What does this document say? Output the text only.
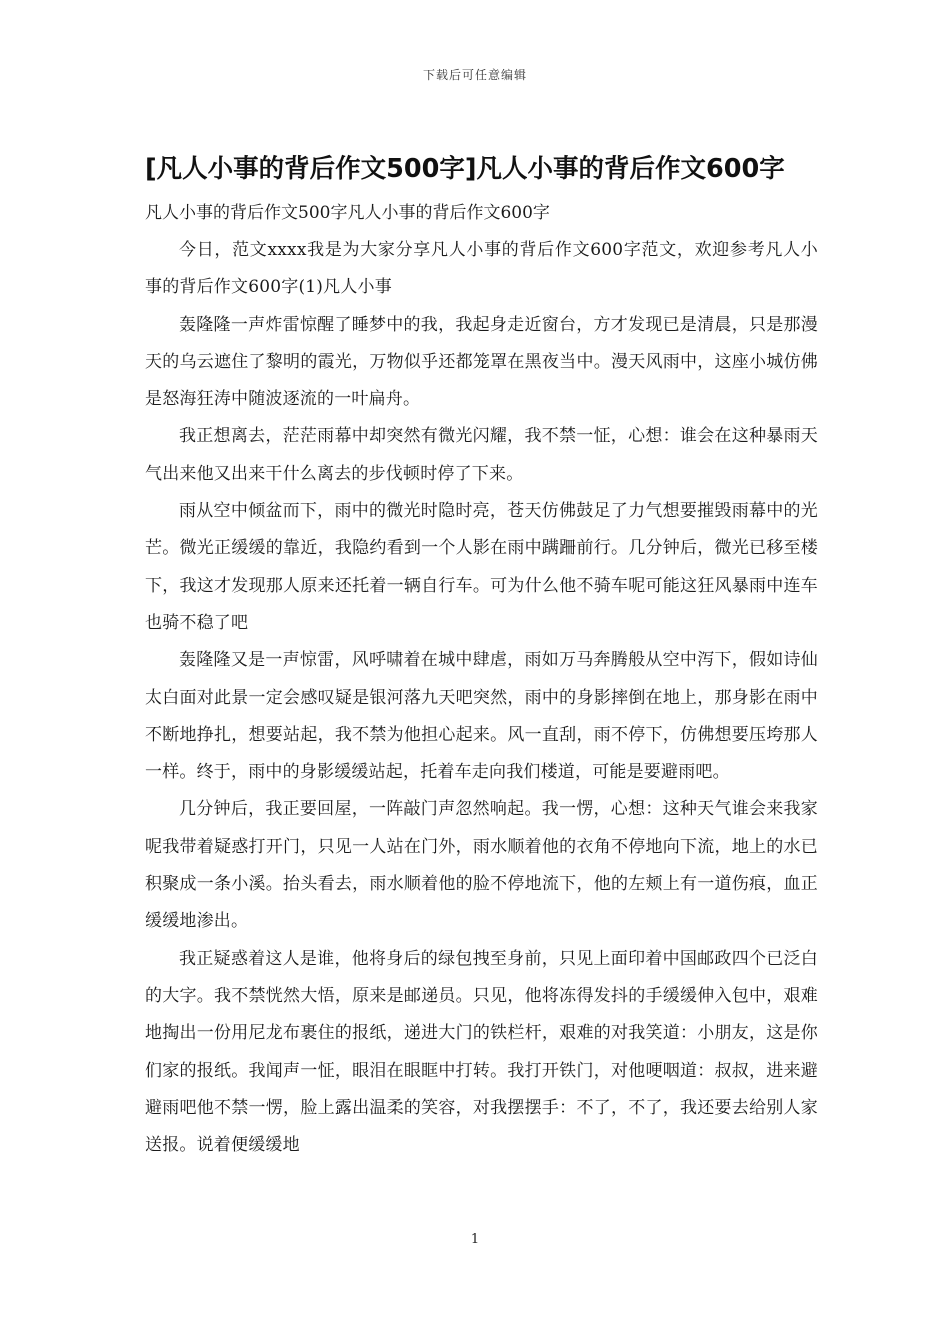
下载后可任意编辑
[凡人小事的背后作文500字]凡人小事的背后作文600字
凡人小事的背后作文500字凡人小事的背后作文600字

今日，范文xxxx我是为大家分享凡人小事的背后作文600字范文，欢迎参考凡人小事的背后作文600字(1)凡人小事

轰隆隆一声炸雷惊醒了睡梦中的我，我起身走近窗台，方才发现已是清晨，只是那漫天的乌云遮住了黎明的霞光，万物似乎还都笼罩在黑夜当中。漫天风雨中，这座小城仿佛是怒海狂涛中随波逐流的一叶扁舟。

我正想离去，茫茫雨幕中却突然有微光闪耀，我不禁一怔，心想：谁会在这种暴雨天气出来他又出来干什么离去的步伐顿时停了下来。

雨从空中倾盆而下，雨中的微光时隐时亮，苍天仿佛鼓足了力气想要摧毁雨幕中的光芒。微光正缓缓的靠近，我隐约看到一个人影在雨中蹒跚前行。几分钟后，微光已移至楼下，我这才发现那人原来还托着一辆自行车。可为什么他不骑车呢可能这狂风暴雨中连车也骑不稳了吧

轰隆隆又是一声惊雷，风呼啸着在城中肆虐，雨如万马奔腾般从空中泻下，假如诗仙太白面对此景一定会感叹疑是银河落九天吧突然，雨中的身影摔倒在地上，那身影在雨中不断地挣扎，想要站起，我不禁为他担心起来。风一直刮，雨不停下，仿佛想要压垮那人一样。终于，雨中的身影缓缓站起，托着车走向我们楼道，可能是要避雨吧。

几分钟后，我正要回屋，一阵敲门声忽然响起。我一愣，心想：这种天气谁会来我家呢我带着疑惑打开门，只见一人站在门外，雨水顺着他的衣角不停地向下流，地上的水已积聚成一条小溪。抬头看去，雨水顺着他的脸不停地流下，他的左颊上有一道伤痕，血正缓缓地渗出。

我正疑惑着这人是谁，他将身后的绿包拽至身前，只见上面印着中国邮政四个已泛白的大字。我不禁恍然大悟，原来是邮递员。只见，他将冻得发抖的手缓缓伸入包中，艰难地掏出一份用尼龙布裹住的报纸，递进大门的铁栏杆，艰难的对我笑道：小朋友，这是你们家的报纸。我闻声一怔，眼泪在眼眶中打转。我打开铁门，对他哽咽道：叔叔，进来避避雨吧他不禁一愣，脸上露出温柔的笑容，对我摆摆手：不了，不了，我还要去给别人家送报。说着便缓缓地

1
